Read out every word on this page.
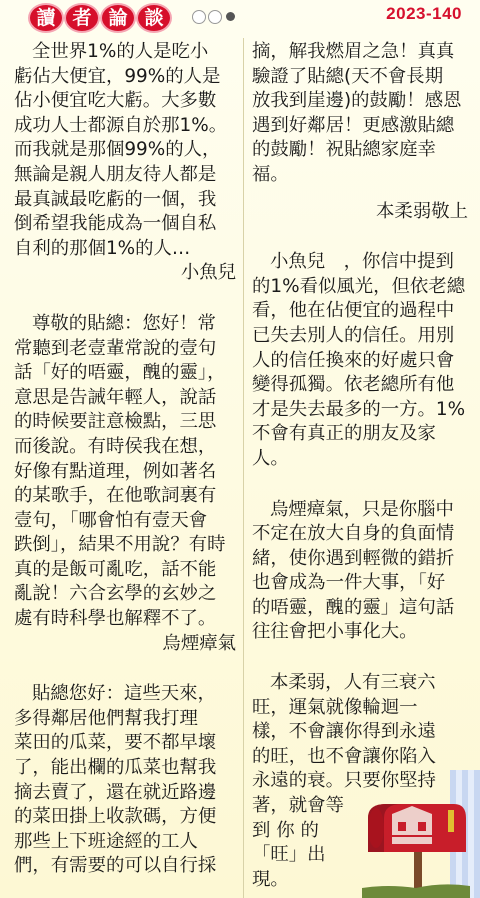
讀 者 論 談	2023-140

全世界1%的人是吃小

虧佔大便宜，99%的人是

佔小便宜吃大虧。大多數

成功人士都源自於那1%。

而我就是那個99%的人，

無論是親人朋友待人都是

最真誠最吃虧的一個，我

倒希望我能成為一個自私

自利的那個1%的人…

小魚兒

尊敬的貼總：您好！常

常聽到老壹輩常說的壹句

話「好的唔靈，醜的靈」，

意思是告誡年輕人，說話

的時候要註意檢點，三思

而後說。有時侯我在想，

好像有點道理，例如著名

的某歌手，在他歌詞裏有

壹句，「哪會怕有壹天會

跌倒」，結果不用說？有時

真的是飯可亂吃，話不能

亂說！六合玄學的玄妙之

處有時科學也解釋不了。

烏煙瘴氣

貼總您好：這些天來，

多得鄰居他們幫我打理

菜田的瓜菜，要不都早壞

了，能出欄的瓜菜也幫我

摘去賣了，還在就近路邊

的菜田掛上收款碼，方便

那些上下班途經的工人

們，有需要的可以自行採

摘，解我燃眉之急！真真

驗證了貼總(天不會長期

放我到崖邊)的鼓勵！感恩

遇到好鄰居！更感激貼總

的鼓勵！祝貼總家庭幸

福。

本柔弱敬上

小魚兒　，你信中提到

的1%看似風光，但依老總

看，他在佔便宜的過程中

已失去別人的信任。用別

人的信任換來的好處只會

變得孤獨。依老總所有他

才是失去最多的一方。1%

不會有真正的朋友及家

人。

烏煙瘴氣，只是你腦中

不定在放大自身的負面情

緒，使你遇到輕微的錯折

也會成為一件大事，「好

的唔靈，醜的靈」這句話

往往會把小事化大。

本柔弱，人有三衰六

旺，運氣就像輪迴一

樣，不會讓你得到永遠

的旺，也不會讓你陷入

永遠的衰。只要你堅持

著，就會等

到 你 的

「旺」出

現。
